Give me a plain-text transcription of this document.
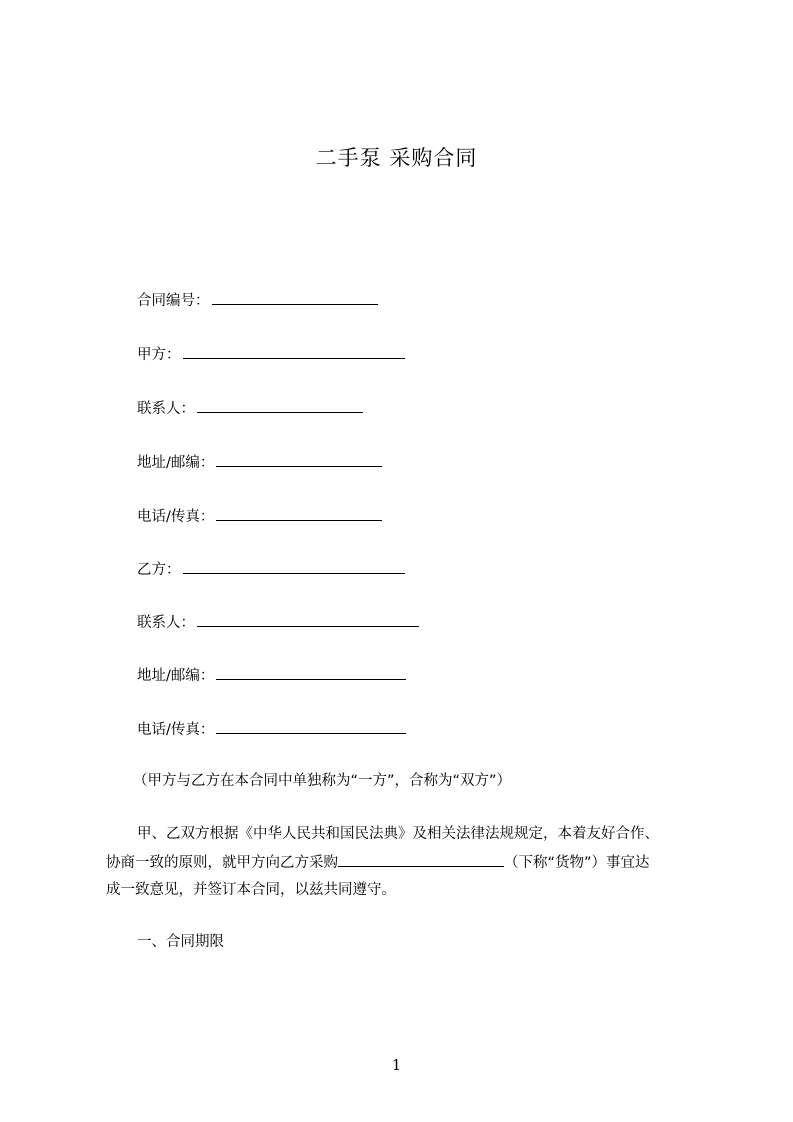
二手泵 采购合同
合同编号：
甲方：
联系人：
地址/邮编：
电话/传真：
乙方：
联系人：
地址/邮编：
电话/传真：
（甲方与乙方在本合同中单独称为“一方”，合称为“双方”）
甲、乙双方根据《中华人民共和国民法典》及相关法律法规规定，本着友好合作、
协商一致的原则，就甲方向乙方采购	（下称“货物”）事宜达
成一致意见，并签订本合同，以兹共同遵守。
一、合同期限
1
